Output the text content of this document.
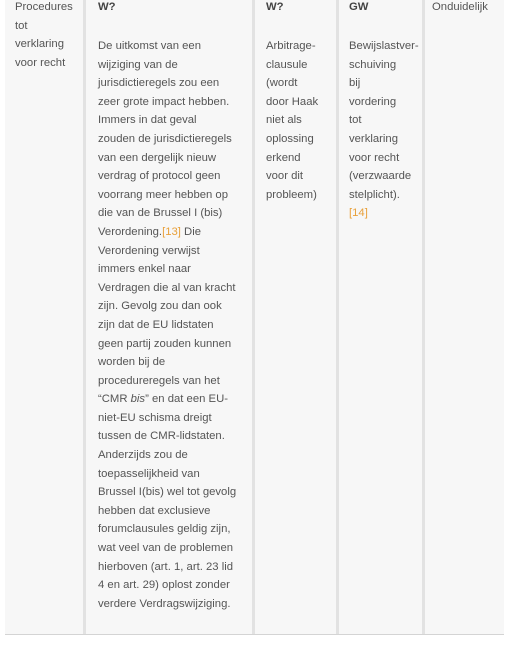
Procedures
tot
verklaring
voor recht
W?
De uitkomst van een
wijziging van de
jurisdictieregels zou een
zeer grote impact hebben.
Immers in dat geval
zouden de jurisdictieregels
van een dergelijk nieuw
verdrag of protocol geen
voorrang meer hebben op
die van de Brussel I (bis)
Verordening.[13] Die
Verordening verwijst
immers enkel naar
Verdragen die al van kracht
zijn. Gevolg zou dan ook
zijn dat de EU lidstaten
geen partij zouden kunnen
worden bij de
procedureregels van het
“CMR bis” en dat een EU-
niet-EU schisma dreigt
tussen de CMR-lidstaten.
Anderzijds zou de
toepasselijkheid van
Brussel I(bis) wel tot gevolg
hebben dat exclusieve
forumclausules geldig zijn,
wat veel van de problemen
hierboven (art. 1, art. 23 lid
4 en art. 29) oplost zonder
verdere Verdragswijziging.
W?
Arbitrage-
clausule
(wordt
door Haak
niet als
oplossing
erkend
voor dit
probleem)
GW
Bewijslastver-
schuiving
bij
vordering
tot
verklaring
voor recht
(verzwaarde
stelplicht).
[14]
Onduidelijk
